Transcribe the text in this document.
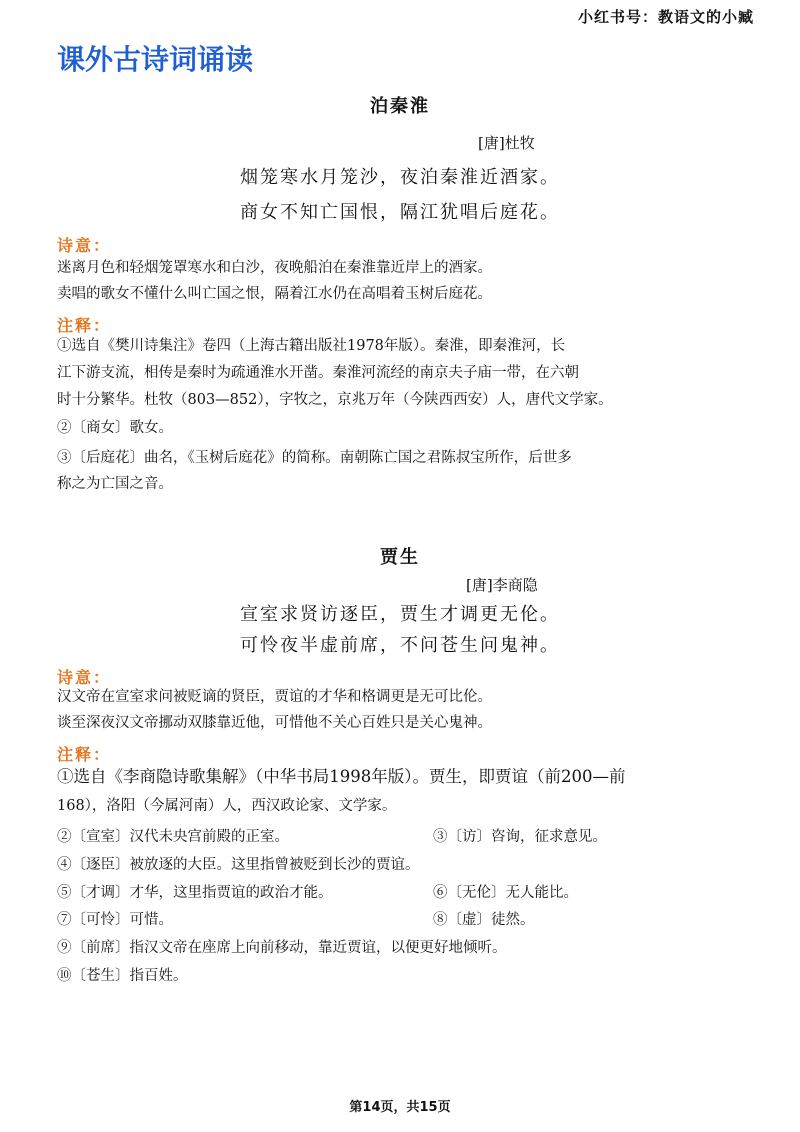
小红书号：教语文的小臧
课外古诗词诵读
泊秦淮
[唐]杜牧
烟笼寒水月笼沙，夜泊秦淮近酒家。
商女不知亡国恨，隔江犹唱后庭花。
诗意：
迷离月色和轻烟笼罩寒水和白沙，夜晚船泊在秦淮靠近岸上的酒家。
卖唱的歌女不懂什么叫亡国之恨，隔着江水仍在高唱着玉树后庭花。
注释：
①选自《樊川诗集注》卷四（上海古籍出版社1978年版）。秦淮，即秦淮河，长
江下游支流，相传是秦时为疏通淮水开凿。秦淮河流经的南京夫子庙一带，在六朝
时十分繁华。杜牧（803—852），字牧之，京兆万年（今陕西西安）人，唐代文学家。
②〔商女〕歌女。
③〔后庭花〕曲名，《玉树后庭花》的简称。南朝陈亡国之君陈叔宝所作，后世多
称之为亡国之音。
贾生
[唐]李商隐
宣室求贤访逐臣，贾生才调更无伦。
可怜夜半虚前席，不问苍生问鬼神。
诗意：
汉文帝在宣室求问被贬谪的贤臣，贾谊的才华和格调更是无可比伦。
谈至深夜汉文帝挪动双膝靠近他，可惜他不关心百姓只是关心鬼神。
注释：
①选自《李商隐诗歌集解》（中华书局1998年版）。贾生，即贾谊（前200—前
168），洛阳（今属河南）人，西汉政论家、文学家。
②〔宣室〕汉代未央宫前殿的正室。	③〔访〕咨询，征求意见。
④〔逐臣〕被放逐的大臣。这里指曾被贬到长沙的贾谊。
⑤〔才调〕才华，这里指贾谊的政治才能。	⑥〔无伦〕无人能比。
⑦〔可怜〕可惜。	⑧〔虚〕徒然。
⑨〔前席〕指汉文帝在座席上向前移动，靠近贾谊，以便更好地倾听。
⑩〔苍生〕指百姓。
第14页，共15页
